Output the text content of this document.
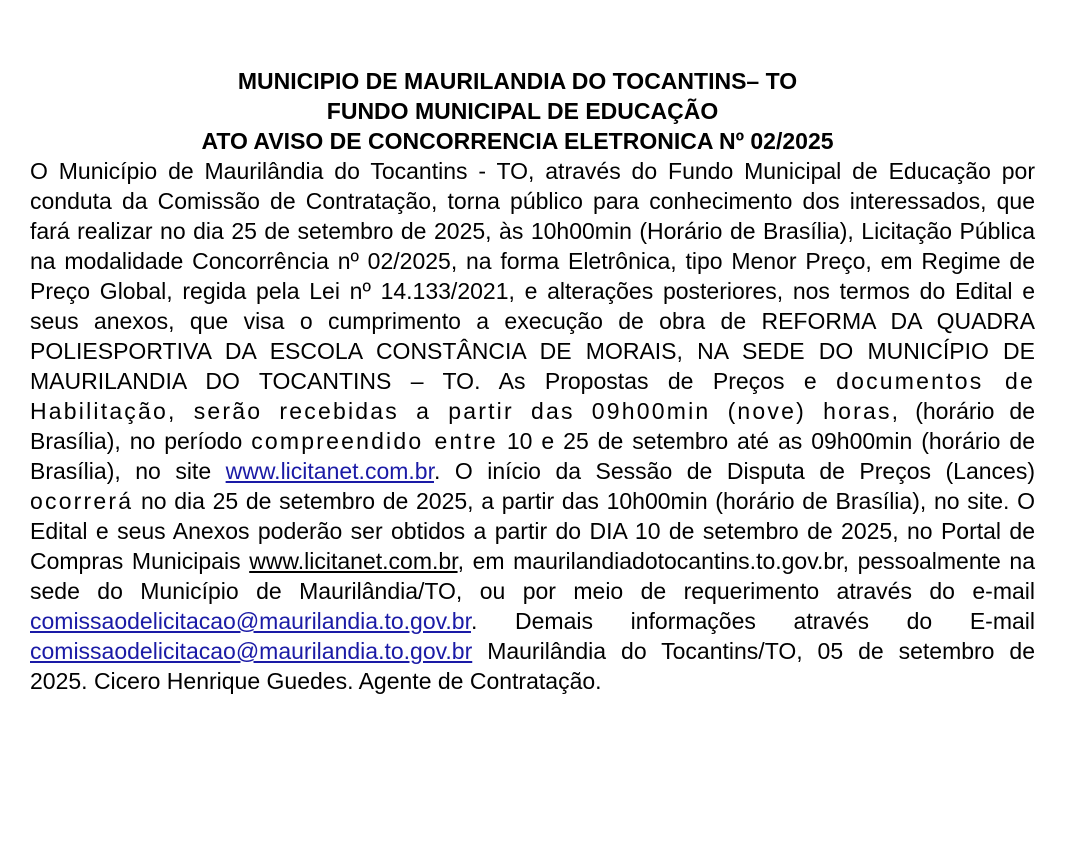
MUNICIPIO DE MAURILANDIA DO TOCANTINS– TO
FUNDO MUNICIPAL DE EDUCAÇÃO
ATO AVISO DE CONCORRENCIA ELETRONICA Nº 02/2025

O Município de Maurilândia do Tocantins - TO, através do Fundo Municipal de Educação por conduta da Comissão de Contratação, torna público para conhecimento dos interessados, que fará realizar no dia 25 de setembro de 2025, às 10h00min (Horário de Brasília), Licitação Pública na modalidade Concorrência nº 02/2025, na forma Eletrônica, tipo Menor Preço, em Regime de Preço Global, regida pela Lei nº 14.133/2021, e alterações posteriores, nos termos do Edital e seus anexos, que visa o cumprimento a execução de obra de REFORMA DA QUADRA POLIESPORTIVA DA ESCOLA CONSTÂNCIA DE MORAIS, NA SEDE DO MUNICÍPIO DE MAURILANDIA DO TOCANTINS – TO. As Propostas de Preços e documentos de Habilitação, serão recebidas a partir das 09h00min (nove) horas, (horário de Brasília), no período compreendido entre 10 e 25 de setembro até as 09h00min (horário de Brasília), no site www.licitanet.com.br. O início da Sessão de Disputa de Preços (Lances) ocorrerá no dia 25 de setembro de 2025, a partir das 10h00min (horário de Brasília), no site. O Edital e seus Anexos poderão ser obtidos a partir do DIA 10 de setembro de 2025, no Portal de Compras Municipais www.licitanet.com.br, em maurilandiadotocantins.to.gov.br, pessoalmente na sede do Município de Maurilândia/TO, ou por meio de requerimento através do e-mail comissaodelicitacao@maurilandia.to.gov.br. Demais informações através do E-mail comissaodelicitacao@maurilandia.to.gov.br Maurilândia do Tocantins/TO, 05 de setembro de 2025. Cicero Henrique Guedes. Agente de Contratação.
